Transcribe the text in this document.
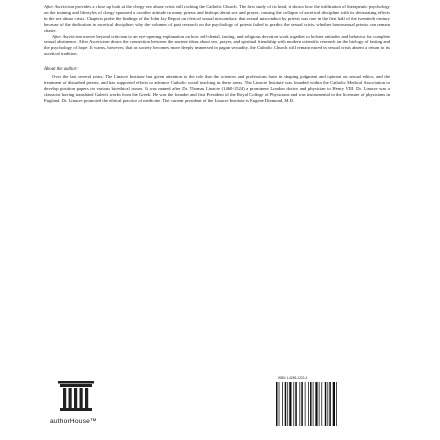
After Asceticism provides a close up look at the clergy sex abuse crisis still rocking the Catholic Church. The first study of its kind, it shows how the infiltration of therapeutic psychology on the training and lifestyles of clergy spawned a cavalier attitude in many priests and bishops about sex and prayer, causing the collapse of ascetical discipline with its devastating effects in the sex abuse crisis. Chapters probe the findings of the John Jay Report on clerical sexual misconduct; that sexual misconduct by priests was rare in the first half of the twentieth century because of the dedication to ascetical discipline; why the volumes of past research on the psychology of priests failed to predict the sexual crisis; whether homosexual priests can remain chaste.

After Asceticism moves beyond criticism to an eye-opening explanation on how self-denial, fasting, and religious devotion work together to bolster attitudes and behavior for complete sexual abstinence. After Asceticism draws the connection between the ancient ideas about sex, prayer, and spiritual friendship with modern scientific research on the biology of fasting and the psychology of hope. It warns, however, that as society becomes more deeply immersed in pagan sexuality, the Catholic Church will remain mired in sexual crisis absent a return to its ascetical tradition.

About the author:

Over the last several years, The Linacre Institute has given attention to the role that the sciences and professions have in shaping judgment and opinion on sexual ethics, and the treatment of disturbed priests, and has supported efforts to advance Catholic social teaching in these areas. The Linacre Institute was founded within the Catholic Medical Association to develop position papers on various bioethical issues. It was named after Dr. Thomas Linacre (1460-1524) a prominent London doctor and physician to Henry VIII. Dr. Linacre was a classicist having translated Galen's works from the Greek. He was the founder and first President of the Royal College of Physicians and was instrumental in the licensure of physicians in England. Dr. Linacre promoted the ethical practice of medicine. The current president of the Linacre Institute is Eugene Diamond, M.D.

authorHouse™
ISBN 1-4259-1222-4
